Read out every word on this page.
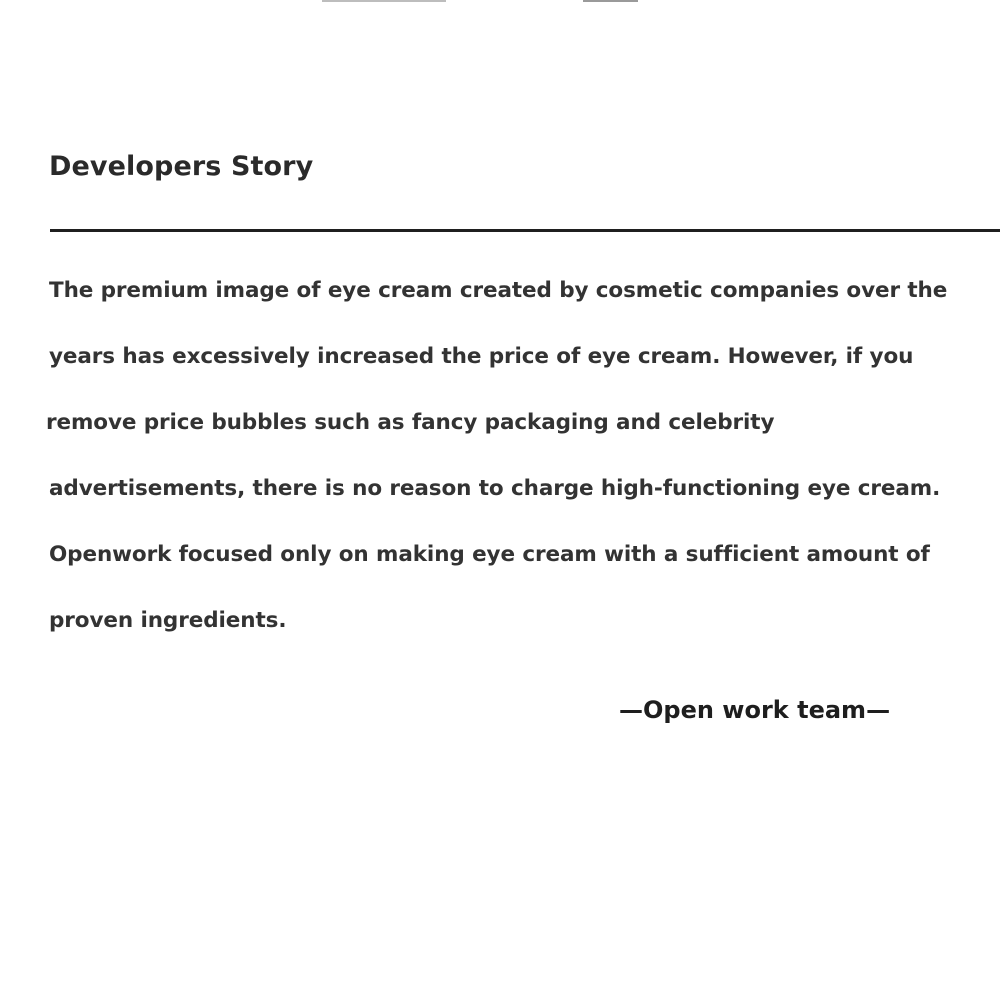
Developers Story
The premium image of eye cream created by cosmetic companies over the
years has excessively increased the price of eye cream. However, if you
remove price bubbles such as fancy packaging and celebrity
advertisements, there is no reason to charge high-functioning eye cream.
Openwork focused only on making eye cream with a sufficient amount of
proven ingredients.
—Open work team—
